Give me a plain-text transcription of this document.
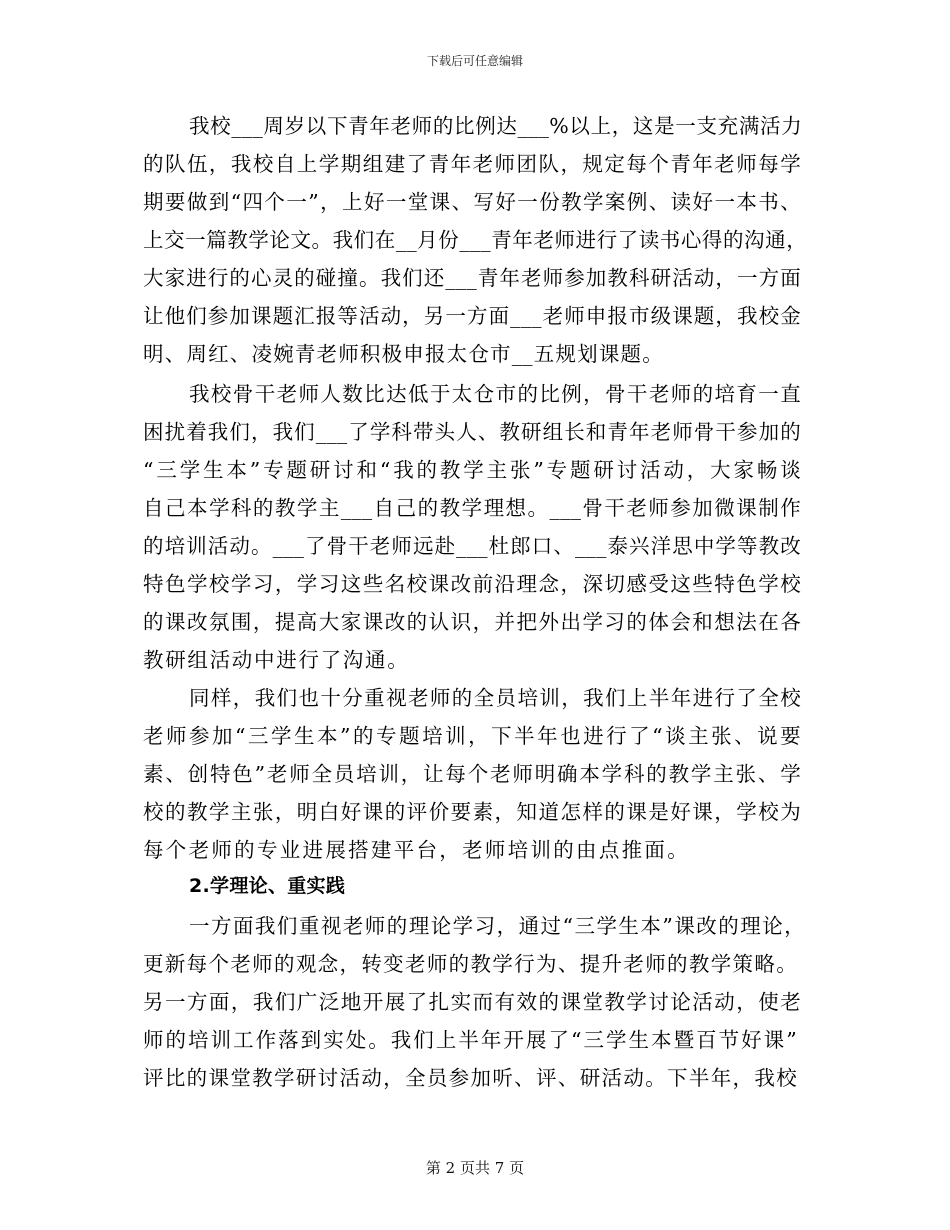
下载后可任意编辑
我校___周岁以下青年老师的比例达___%以上，这是一支充满活力
的队伍，我校自上学期组建了青年老师团队，规定每个青年老师每学
期要做到“四个一”，上好一堂课、写好一份教学案例、读好一本书、
上交一篇教学论文。我们在__月份___青年老师进行了读书心得的沟通，
大家进行的心灵的碰撞。我们还___青年老师参加教科研活动，一方面
让他们参加课题汇报等活动，另一方面___老师申报市级课题，我校金
明、周红、凌婉青老师积极申报太仓市__五规划课题。
我校骨干老师人数比达低于太仓市的比例，骨干老师的培育一直
困扰着我们，我们___了学科带头人、教研组长和青年老师骨干参加的
“三学生本”专题研讨和“我的教学主张”专题研讨活动，大家畅谈
自己本学科的教学主___自己的教学理想。___骨干老师参加微课制作
的培训活动。___了骨干老师远赴___杜郎口、___泰兴洋思中学等教改
特色学校学习，学习这些名校课改前沿理念，深切感受这些特色学校
的课改氛围，提高大家课改的认识，并把外出学习的体会和想法在各
教研组活动中进行了沟通。
同样，我们也十分重视老师的全员培训，我们上半年进行了全校
老师参加“三学生本”的专题培训，下半年也进行了“谈主张、说要
素、创特色”老师全员培训，让每个老师明确本学科的教学主张、学
校的教学主张，明白好课的评价要素，知道怎样的课是好课，学校为
每个老师的专业进展搭建平台，老师培训的由点推面。
2.学理论、重实践
一方面我们重视老师的理论学习，通过“三学生本”课改的理论，
更新每个老师的观念，转变老师的教学行为、提升老师的教学策略。
另一方面，我们广泛地开展了扎实而有效的课堂教学讨论活动，使老
师的培训工作落到实处。我们上半年开展了“三学生本暨百节好课”
评比的课堂教学研讨活动，全员参加听、评、研活动。下半年，我校
第 2 页共 7 页
